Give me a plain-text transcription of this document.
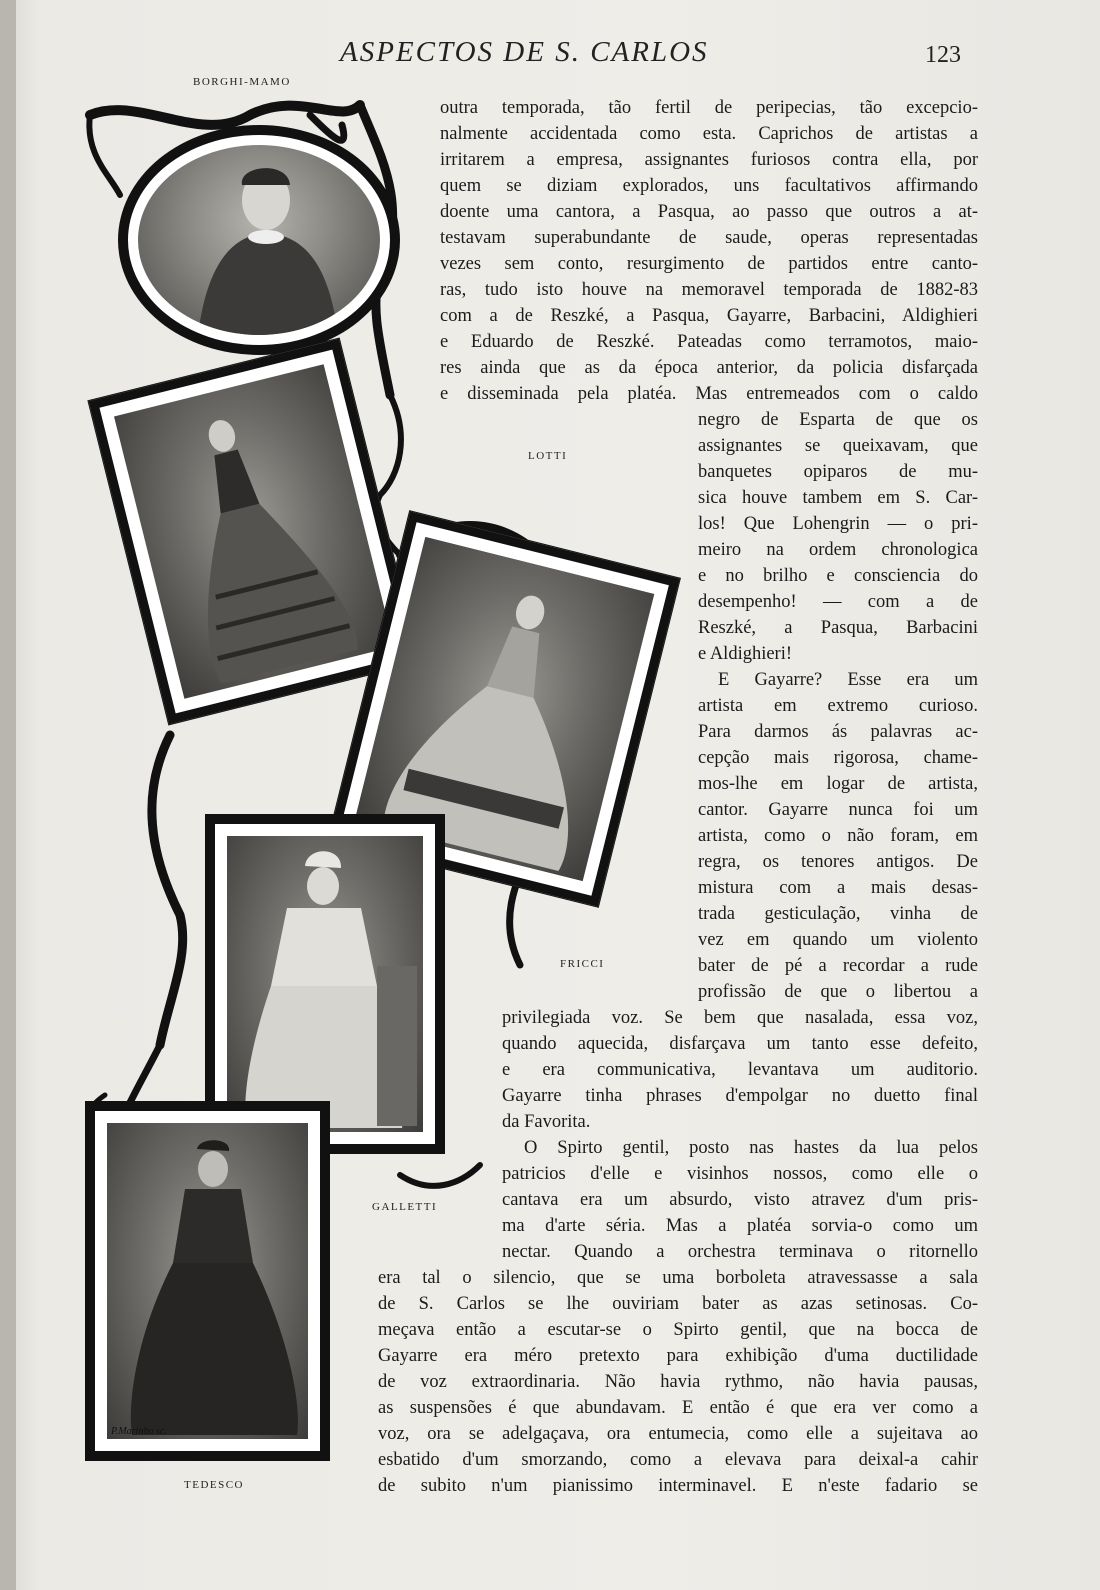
ASPECTOS DE S. CARLOS	123
BORGHI-MAMO
P.Marinho sc.
LOTTI
FRICCI
GALLETTI
TEDESCO
outra temporada, tão fertil de peripecias, tão excepcio-
nalmente accidentada como esta. Caprichos de artistas a
irritarem a empresa, assignantes furiosos contra ella, por
quem se diziam explorados, uns facultativos affirmando
doente uma cantora, a Pasqua, ao passo que outros a at-
testavam superabundante de saude, operas representadas
vezes sem conto, resurgimento de partidos entre canto-
ras, tudo isto houve na memoravel temporada de 1882-83
com a de Reszké, a Pasqua, Gayarre, Barbacini, Aldighieri
e Eduardo de Reszké. Pateadas como terramotos, maio-
res ainda que as da época anterior, da policia disfarçada
e disseminada pela platéa. Mas entremeados com o caldo
negro de Esparta de que os
assignantes se queixavam, que
banquetes opiparos de mu-
sica houve tambem em S. Car-
los! Que Lohengrin — o pri-
meiro na ordem chronologica
e no brilho e consciencia do
desempenho! — com a de
Reszké, a Pasqua, Barbacini
e Aldighieri!
E Gayarre? Esse era um
artista em extremo curioso.
Para darmos ás palavras ac-
cepção mais rigorosa, chame-
mos-lhe em logar de artista,
cantor. Gayarre nunca foi um
artista, como o não foram, em
regra, os tenores antigos. De
mistura com a mais desas-
trada gesticulação, vinha de
vez em quando um violento
bater de pé a recordar a rude
profissão de que o libertou a
privilegiada voz. Se bem que nasalada, essa voz,
quando aquecida, disfarçava um tanto esse defeito,
e era communicativa, levantava um auditorio.
Gayarre tinha phrases d'empolgar no duetto final
da Favorita.
O Spirto gentil, posto nas hastes da lua pelos
patricios d'elle e visinhos nossos, como elle o
cantava era um absurdo, visto atravez d'um pris-
ma d'arte séria. Mas a platéa sorvia-o como um
nectar. Quando a orchestra terminava o ritornello
era tal o silencio, que se uma borboleta atravessasse a sala
de S. Carlos se lhe ouviriam bater as azas setinosas. Co-
meçava então a escutar-se o Spirto gentil, que na bocca de
Gayarre era méro pretexto para exhibição d'uma ductilidade
de voz extraordinaria. Não havia rythmo, não havia pausas,
as suspensões é que abundavam. E então é que era ver como a
voz, ora se adelgaçava, ora entumecia, como elle a sujeitava ao
esbatido d'um smorzando, como a elevava para deixal-a cahir
de subito n'um pianissimo interminavel. E n'este fadario se
